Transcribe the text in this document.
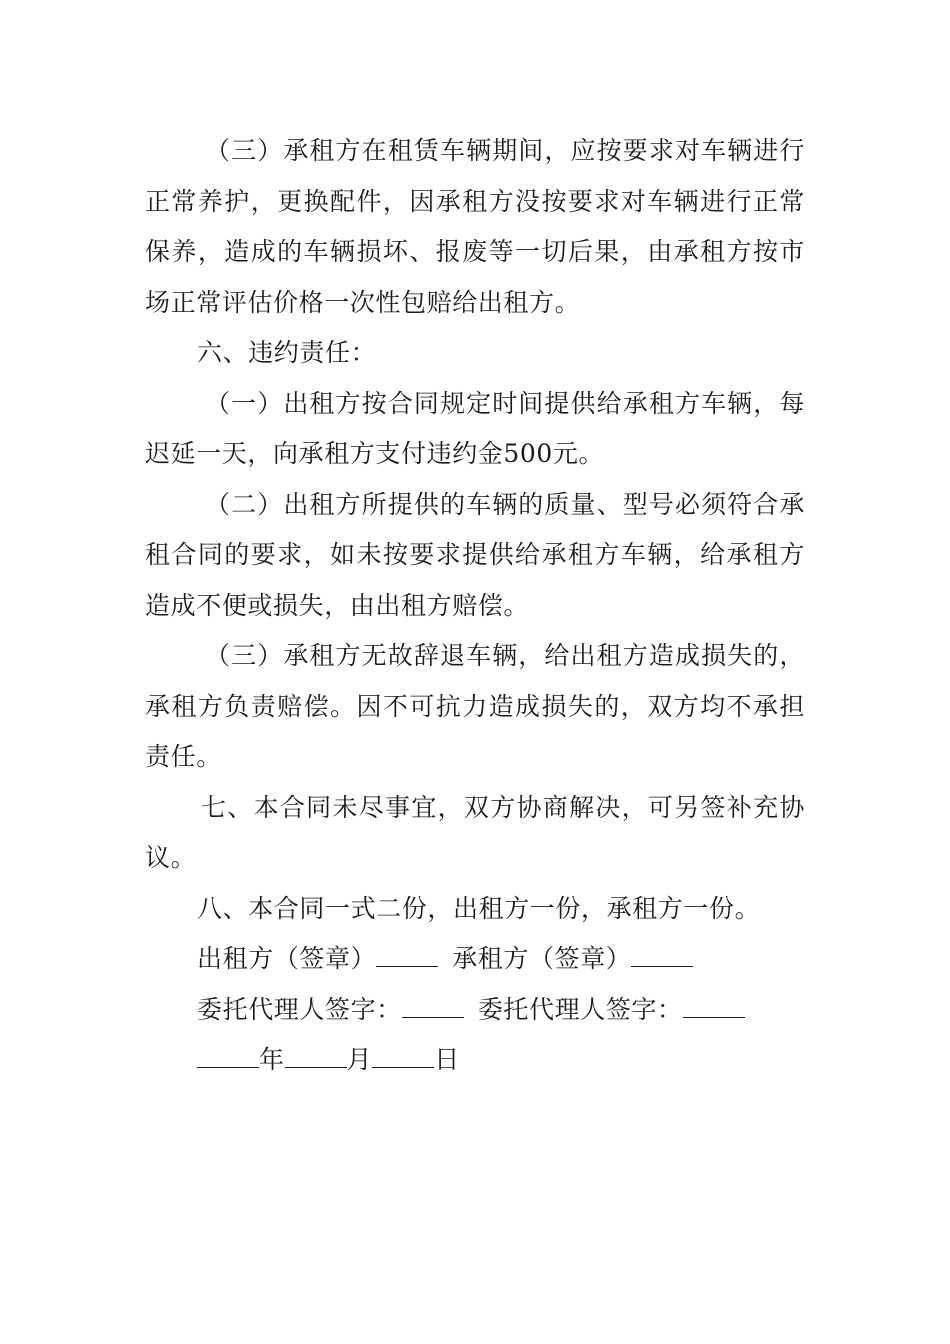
（三）承租方在租赁车辆期间，应按要求对车辆进行正常养护，更换配件，因承租方没按要求对车辆进行正常保养，造成的车辆损坏、报废等一切后果，由承租方按市场正常评估价格一次性包赔给出租方。

六、违约责任：

（一）出租方按合同规定时间提供给承租方车辆，每迟延一天，向承租方支付违约金500元。

（二）出租方所提供的车辆的质量、型号必须符合承租合同的要求，如未按要求提供给承租方车辆，给承租方造成不便或损失，由出租方赔偿。

（三）承租方无故辞退车辆，给出租方造成损失的，承租方负责赔偿。因不可抗力造成损失的，双方均不承担责任。

七、本合同未尽事宜，双方协商解决，可另签补充协议。

八、本合同一式二份，出租方一份，承租方一份。

出租方（签章）	承租方（签章）

委托代理人签字：	委托代理人签字：

年 月 日
